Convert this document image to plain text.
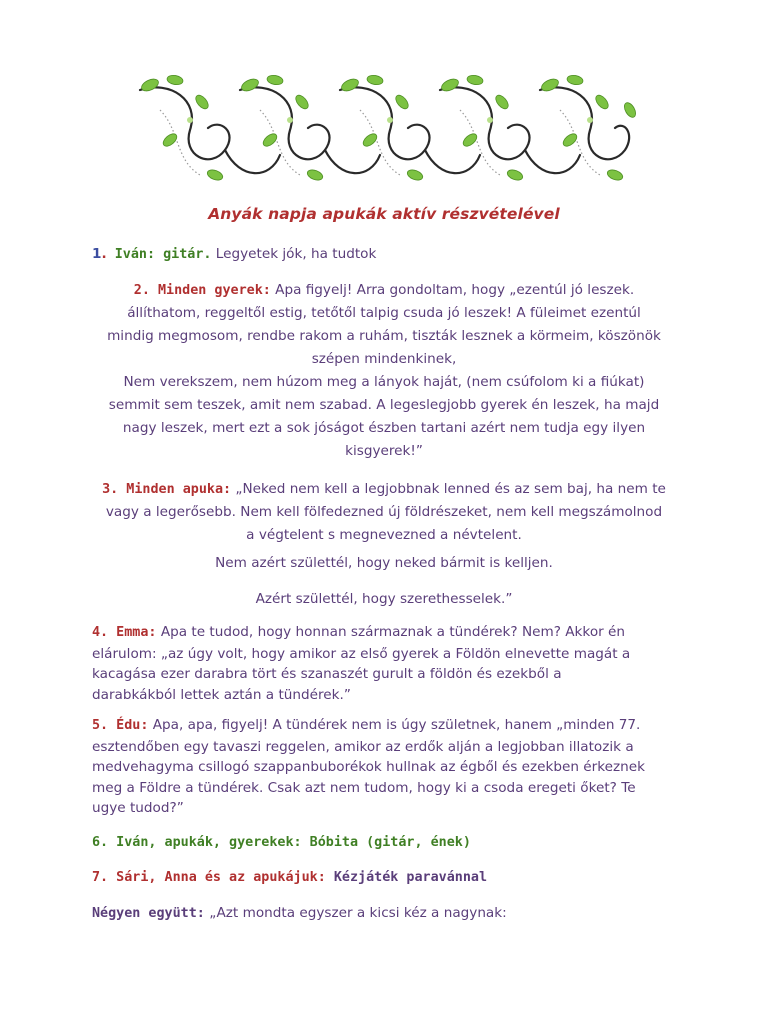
Anyák napja apukák aktív részvételével
1. Iván: gitár. Legyetek jók, ha tudtok
2. Minden gyerek: Apa figyelj! Arra gondoltam, hogy „ezentúl jó leszek.
állíthatom, reggeltől estig, tetőtől talpig csuda jó leszek! A füleimet ezentúl
mindig megmosom, rendbe rakom a ruhám, tiszták lesznek a körmeim, köszönök
szépen mindenkinek,
Nem verekszem, nem húzom meg a lányok haját, (nem csúfolom ki a fiúkat)
semmit sem teszek, amit nem szabad. A legeslegjobb gyerek én leszek, ha majd
nagy leszek, mert ezt a sok jóságot észben tartani azért nem tudja egy ilyen
kisgyerek!”
3. Minden apuka: „Neked nem kell a legjobbnak lenned és az sem baj, ha nem te
vagy a legerősebb. Nem kell fölfedezned új földrészeket, nem kell megszámolnod
a végtelent s megnevezned a névtelent.
Nem azért születtél, hogy neked bármit is kelljen.
Azért születtél, hogy szerethesselek.”
4. Emma: Apa te tudod, hogy honnan származnak a tündérek? Nem? Akkor én
elárulom: „az úgy volt, hogy amikor az első gyerek a Földön elnevette magát a
kacagása ezer darabra tört és szanaszét gurult a földön és ezekből a
darabkákból lettek aztán a tündérek.”
5. Édu: Apa, apa, figyelj! A tündérek nem is úgy születnek, hanem „minden 77.
esztendőben egy tavaszi reggelen, amikor az erdők alján a legjobban illatozik a
medvehagyma csillogó szappanbuborékok hullnak az égből és ezekben érkeznek
meg a Földre a tündérek. Csak azt nem tudom, hogy ki a csoda eregeti őket? Te
ugye tudod?”
6. Iván, apukák, gyerekek: Bóbita (gitár, ének)
7. Sári, Anna és az apukájuk: Kézjáték paravánnal
Négyen együtt: „Azt mondta egyszer a kicsi kéz a nagynak:
